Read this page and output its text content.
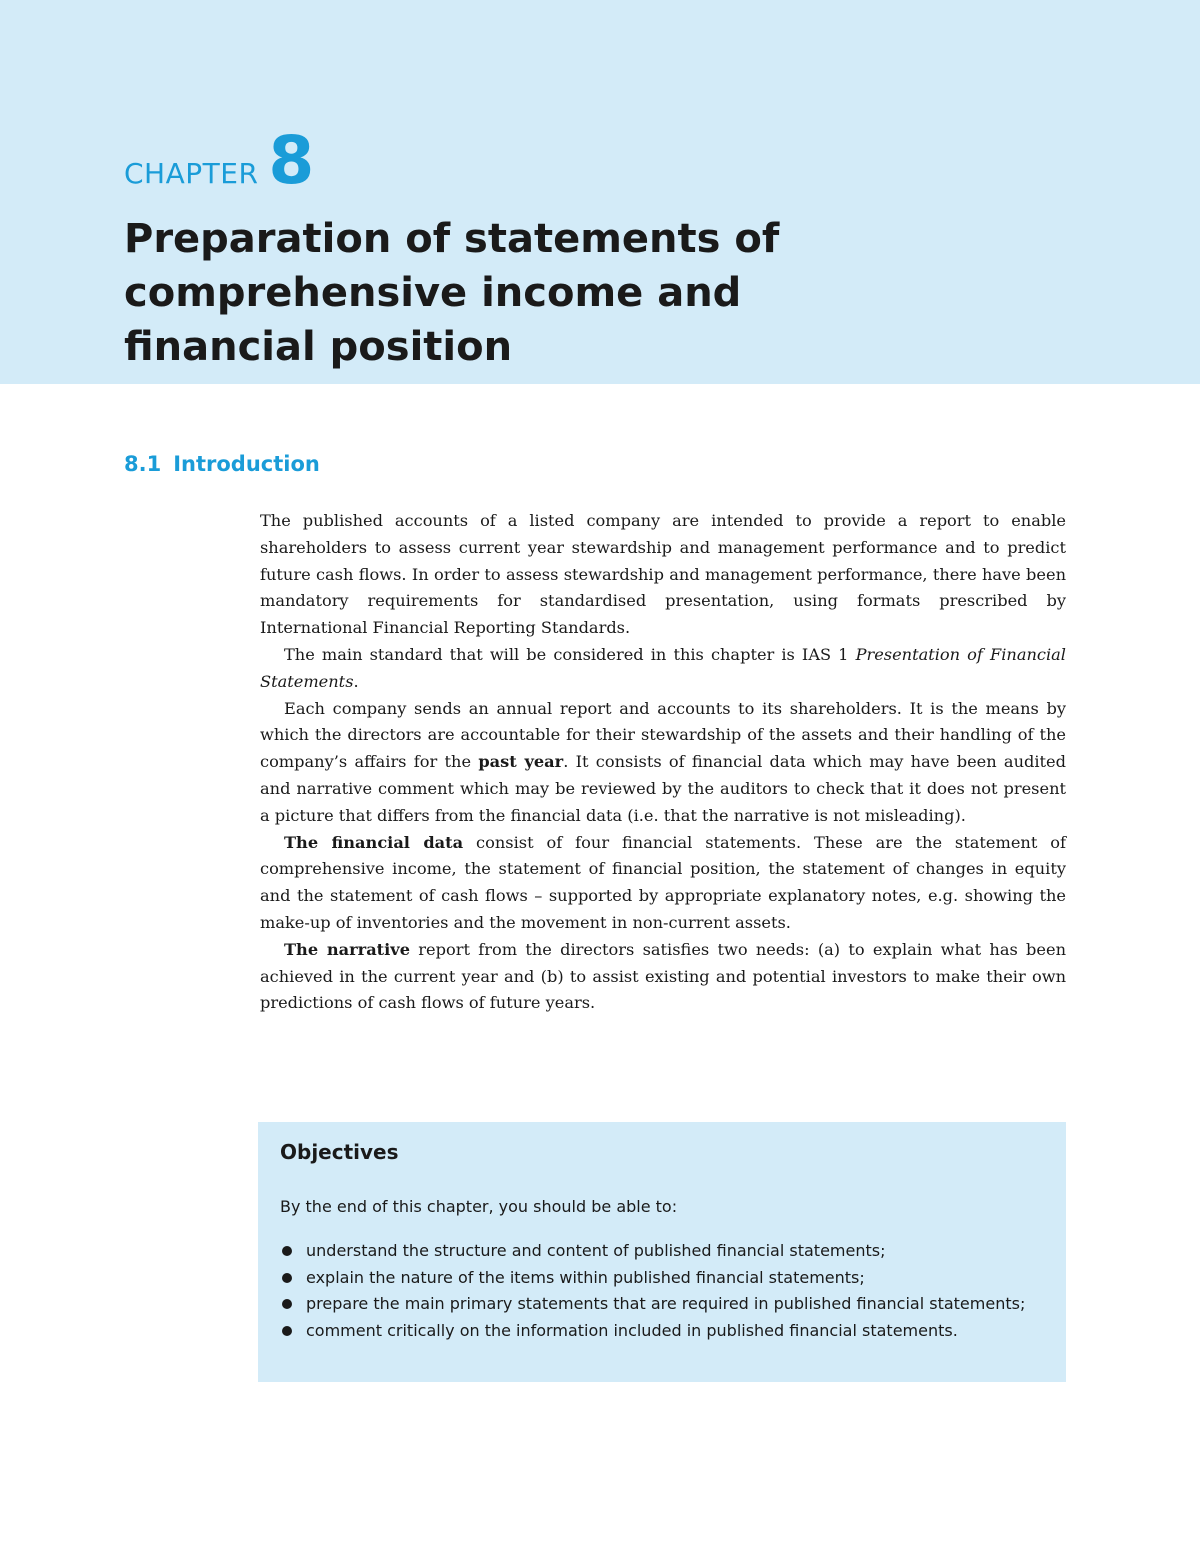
CHAPTER 8
Preparation of statements of
comprehensive income and
financial position
8.1 Introduction

The published accounts of a listed company are intended to provide a report to enable shareholders to assess current year stewardship and management performance and to predict future cash flows. In order to assess stewardship and management performance, there have been mandatory requirements for standardised presentation, using formats prescribed by International Financial Reporting Standards.

The main standard that will be considered in this chapter is IAS 1 Presentation of Financial Statements.

Each company sends an annual report and accounts to its shareholders. It is the means by which the directors are accountable for their stewardship of the assets and their handling of the company’s affairs for the past year. It consists of financial data which may have been audited and narrative comment which may be reviewed by the auditors to check that it does not present a picture that differs from the financial data (i.e. that the narrative is not misleading).

The financial data consist of four financial statements. These are the statement of comprehensive income, the statement of financial position, the statement of changes in equity and the statement of cash flows – supported by appropriate explanatory notes, e.g. showing the make-up of inventories and the movement in non-current assets.

The narrative report from the directors satisfies two needs: (a) to explain what has been achieved in the current year and (b) to assist existing and potential investors to make their own predictions of cash flows of future years.

Objectives

By the end of this chapter, you should be able to:

understand the structure and content of published financial statements;
explain the nature of the items within published financial statements;
prepare the main primary statements that are required in published financial statements;
comment critically on the information included in published financial statements.
